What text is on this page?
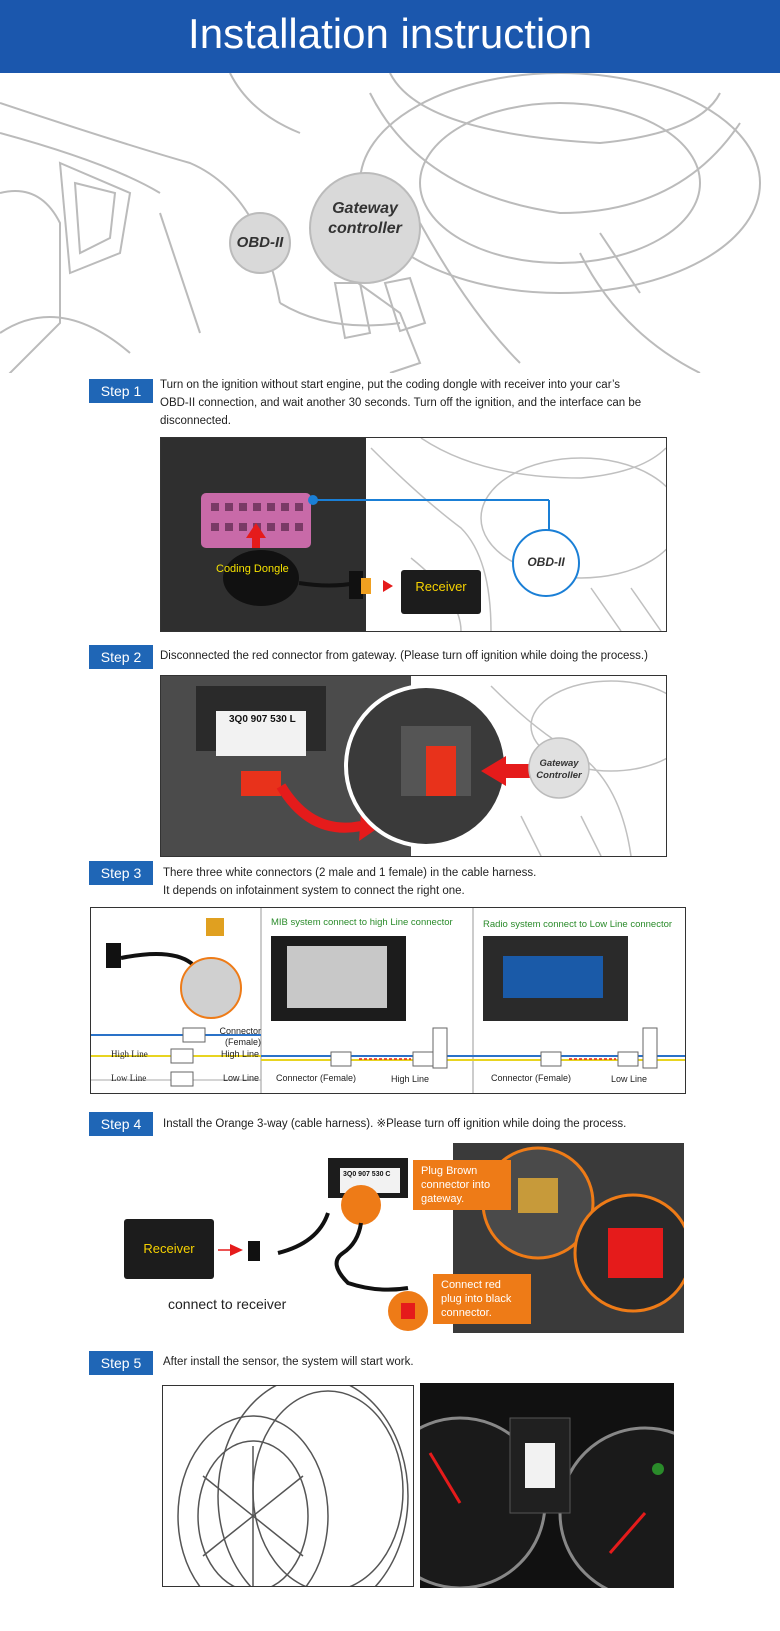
Installation instruction
Gateway
controller
OBD-II
Step 1	Turn on the ignition without start engine, put the coding dongle with receiver into your car’s OBD-II connection, and wait another 30 seconds. Turn off the ignition, and the interface can be disconnected.
Coding Dongle
Receiver
OBD-II
Step 2	Disconnected the red connector from gateway. (Please turn off ignition while doing the process.)
3Q0 907 530 L
Gateway
Controller
Step 3	There three white connectors (2 male and 1 female) in the cable harness.
It depends on infotainment system to connect the right one.
Connector
(Female)
High Line	High Line
Low Line	Low Line
MIB system connect to high Line connector	Radio system connect to Low Line connector
Connector (Female)	High Line	Connector (Female)	Low Line
Step 4	Install the Orange 3-way (cable harness). ※Please turn off ignition while doing the process.
Receiver
connect to receiver
3Q0 907 530 C	Plug Brown
connector into
gateway.
Connect red
plug into black
connector.
Step 5	After install the sensor, the system will start work.
